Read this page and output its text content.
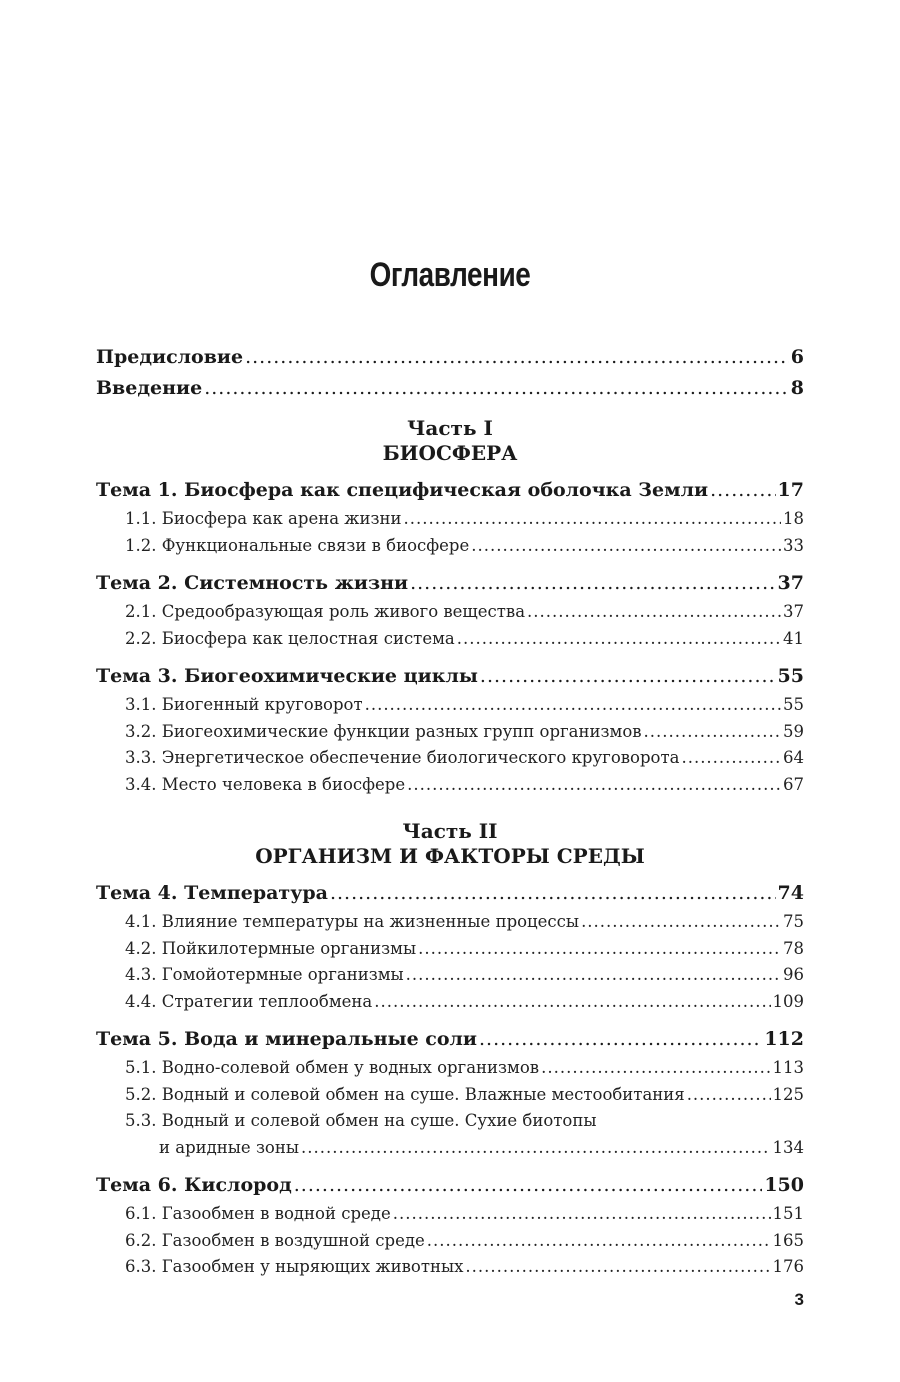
Оглавление
Предисловие .....	6
Введение .....	8
Часть I
БИОСФЕРА
Тема 1. Биосфера как специфическая оболочка Земли .....	17
1.1. Биосфера как арена жизни .....	18
1.2. Функциональные связи в биосфере .....	33
Тема 2. Системность жизни .....	37
2.1. Средообразующая роль живого вещества .....	37
2.2. Биосфера как целостная система .....	41
Тема 3. Биогеохимические циклы .....	55
3.1. Биогенный круговорот .....	55
3.2. Биогеохимические функции разных групп организмов .....	59
3.3. Энергетическое обеспечение биологического круговорота .....	64
3.4. Место человека в биосфере .....	67
Часть II
ОРГАНИЗМ И ФАКТОРЫ СРЕДЫ
Тема 4. Температура .....	74
4.1. Влияние температуры на жизненные процессы .....	75
4.2. Пойкилотермные организмы .....	78
4.3. Гомойотермные организмы .....	96
4.4. Стратегии теплообмена .....	109
Тема 5. Вода и минеральные соли .....	112
5.1. Водно-солевой обмен у водных организмов .....	113
5.2. Водный и солевой обмен на суше. Влажные местообитания .....	125
5.3. Водный и солевой обмен на суше. Сухие биотопы
и аридные зоны .....	134
Тема 6. Кислород .....	150
6.1. Газообмен в водной среде .....	151
6.2. Газообмен в воздушной среде .....	165
6.3. Газообмен у ныряющих животных .....	176
3
